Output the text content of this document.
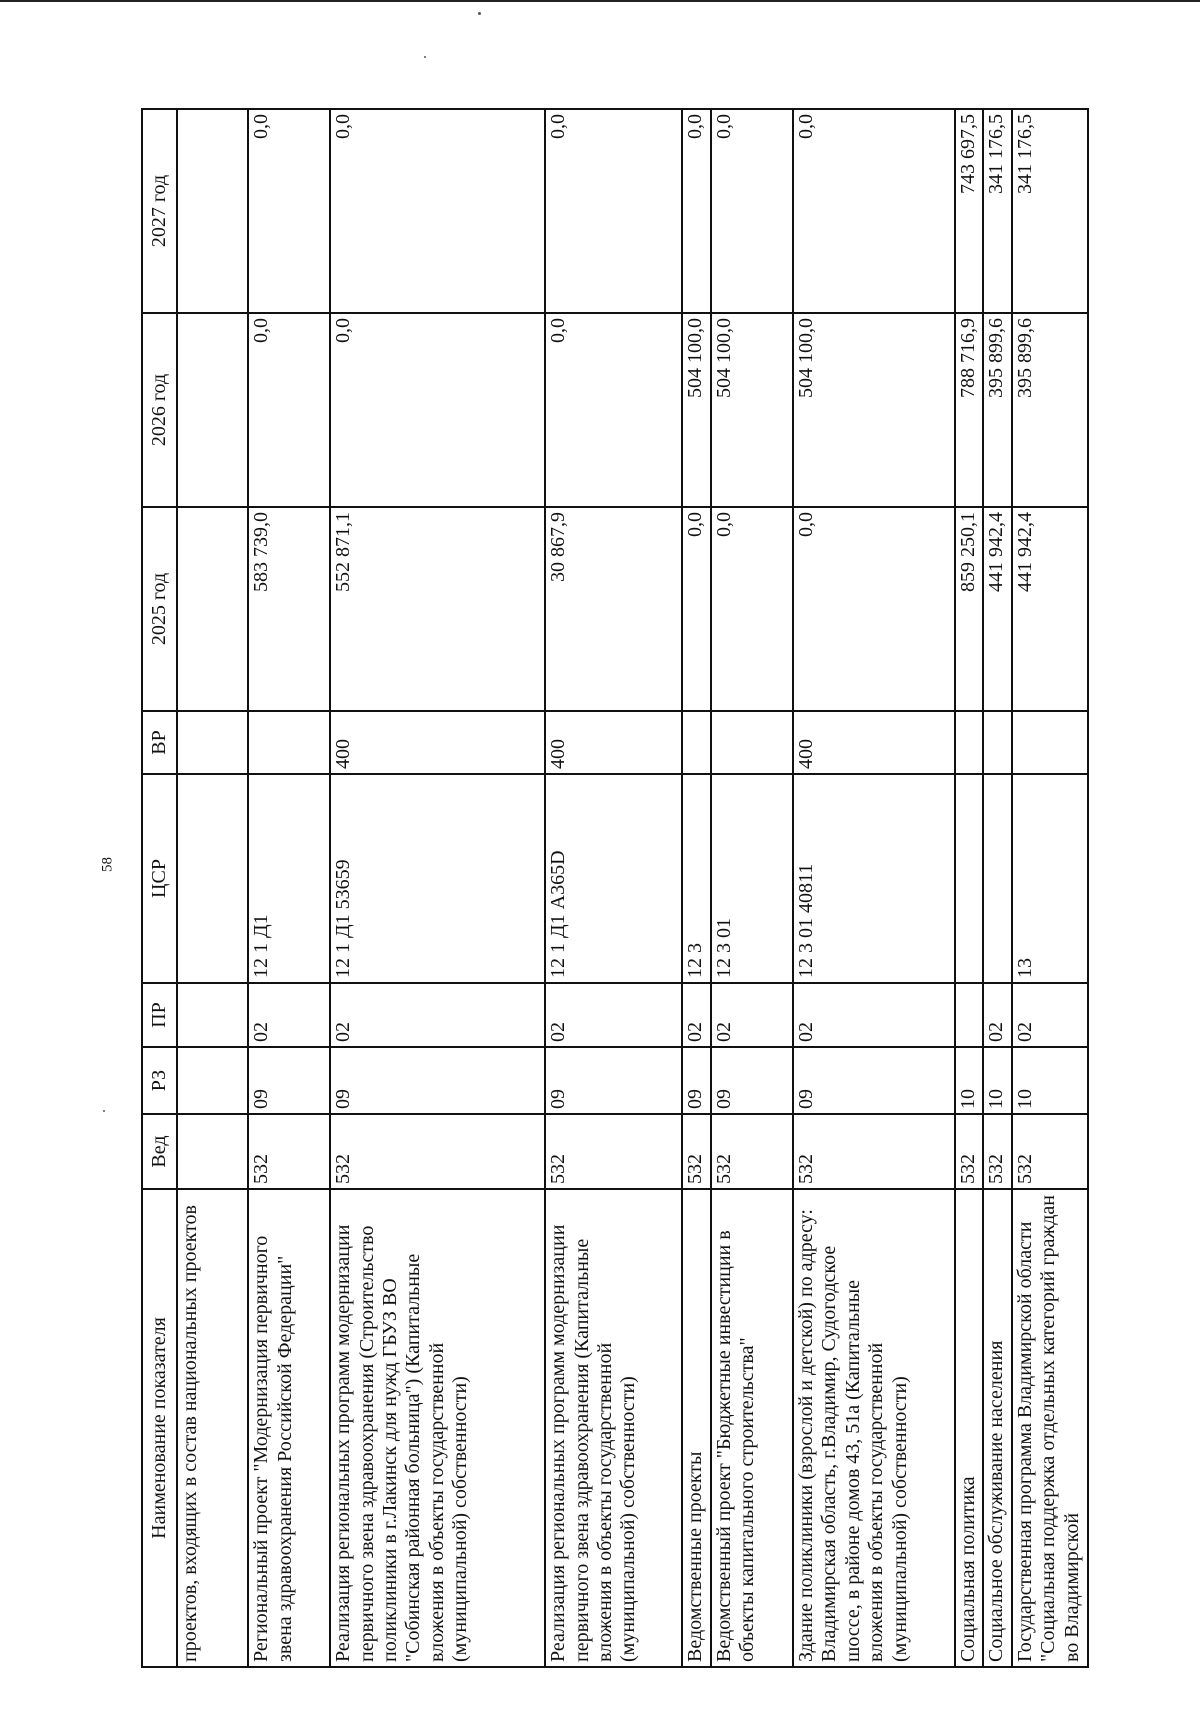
58
Наименование показателя	Вед	РЗ	ПР	ЦСР	ВР	2025 год	2026 год	2027 год
проектов, входящих в состав национальных проектов								
Региональный проект "Модернизация первичного звена здравоохранения Российской Федерации"	532	09	02	12 1 Д1		583 739,0	0,0	0,0
Реализация региональных программ модернизации первичного звена здравоохранения (Строительство поликлиники в г.Лакинск для нужд ГБУЗ ВО "Собинская районная больница") (Капитальные вложения в объекты государственной (муниципальной) собственности)	532	09	02	12 1 Д1 53659	400	552 871,1	0,0	0,0
Реализация региональных программ модернизации первичного звена здравоохранения (Капитальные вложения в объекты государственной (муниципальной) собственности)	532	09	02	12 1 Д1 А365D	400	30 867,9	0,0	0,0
Ведомственные проекты	532	09	02	12 3		0,0	504 100,0	0,0
Ведомственный проект "Бюджетные инвестиции в объекты капитального строительства"	532	09	02	12 3 01		0,0	504 100,0	0,0
Здание поликлиники (взрослой и детской) по адресу: Владимирская область, г.Владимир, Судогодское шоссе, в районе домов 43, 51а (Капитальные вложения в объекты государственной (муниципальной) собственности)	532	09	02	12 3 01 40811	400	0,0	504 100,0	0,0
Социальная политика	532	10				859 250,1	788 716,9	743 697,5
Социальное обслуживание населения	532	10	02			441 942,4	395 899,6	341 176,5
Государственная программа Владимирской области "Социальная поддержка отдельных категорий граждан во Владимирской	532	10	02	13		441 942,4	395 899,6	341 176,5
